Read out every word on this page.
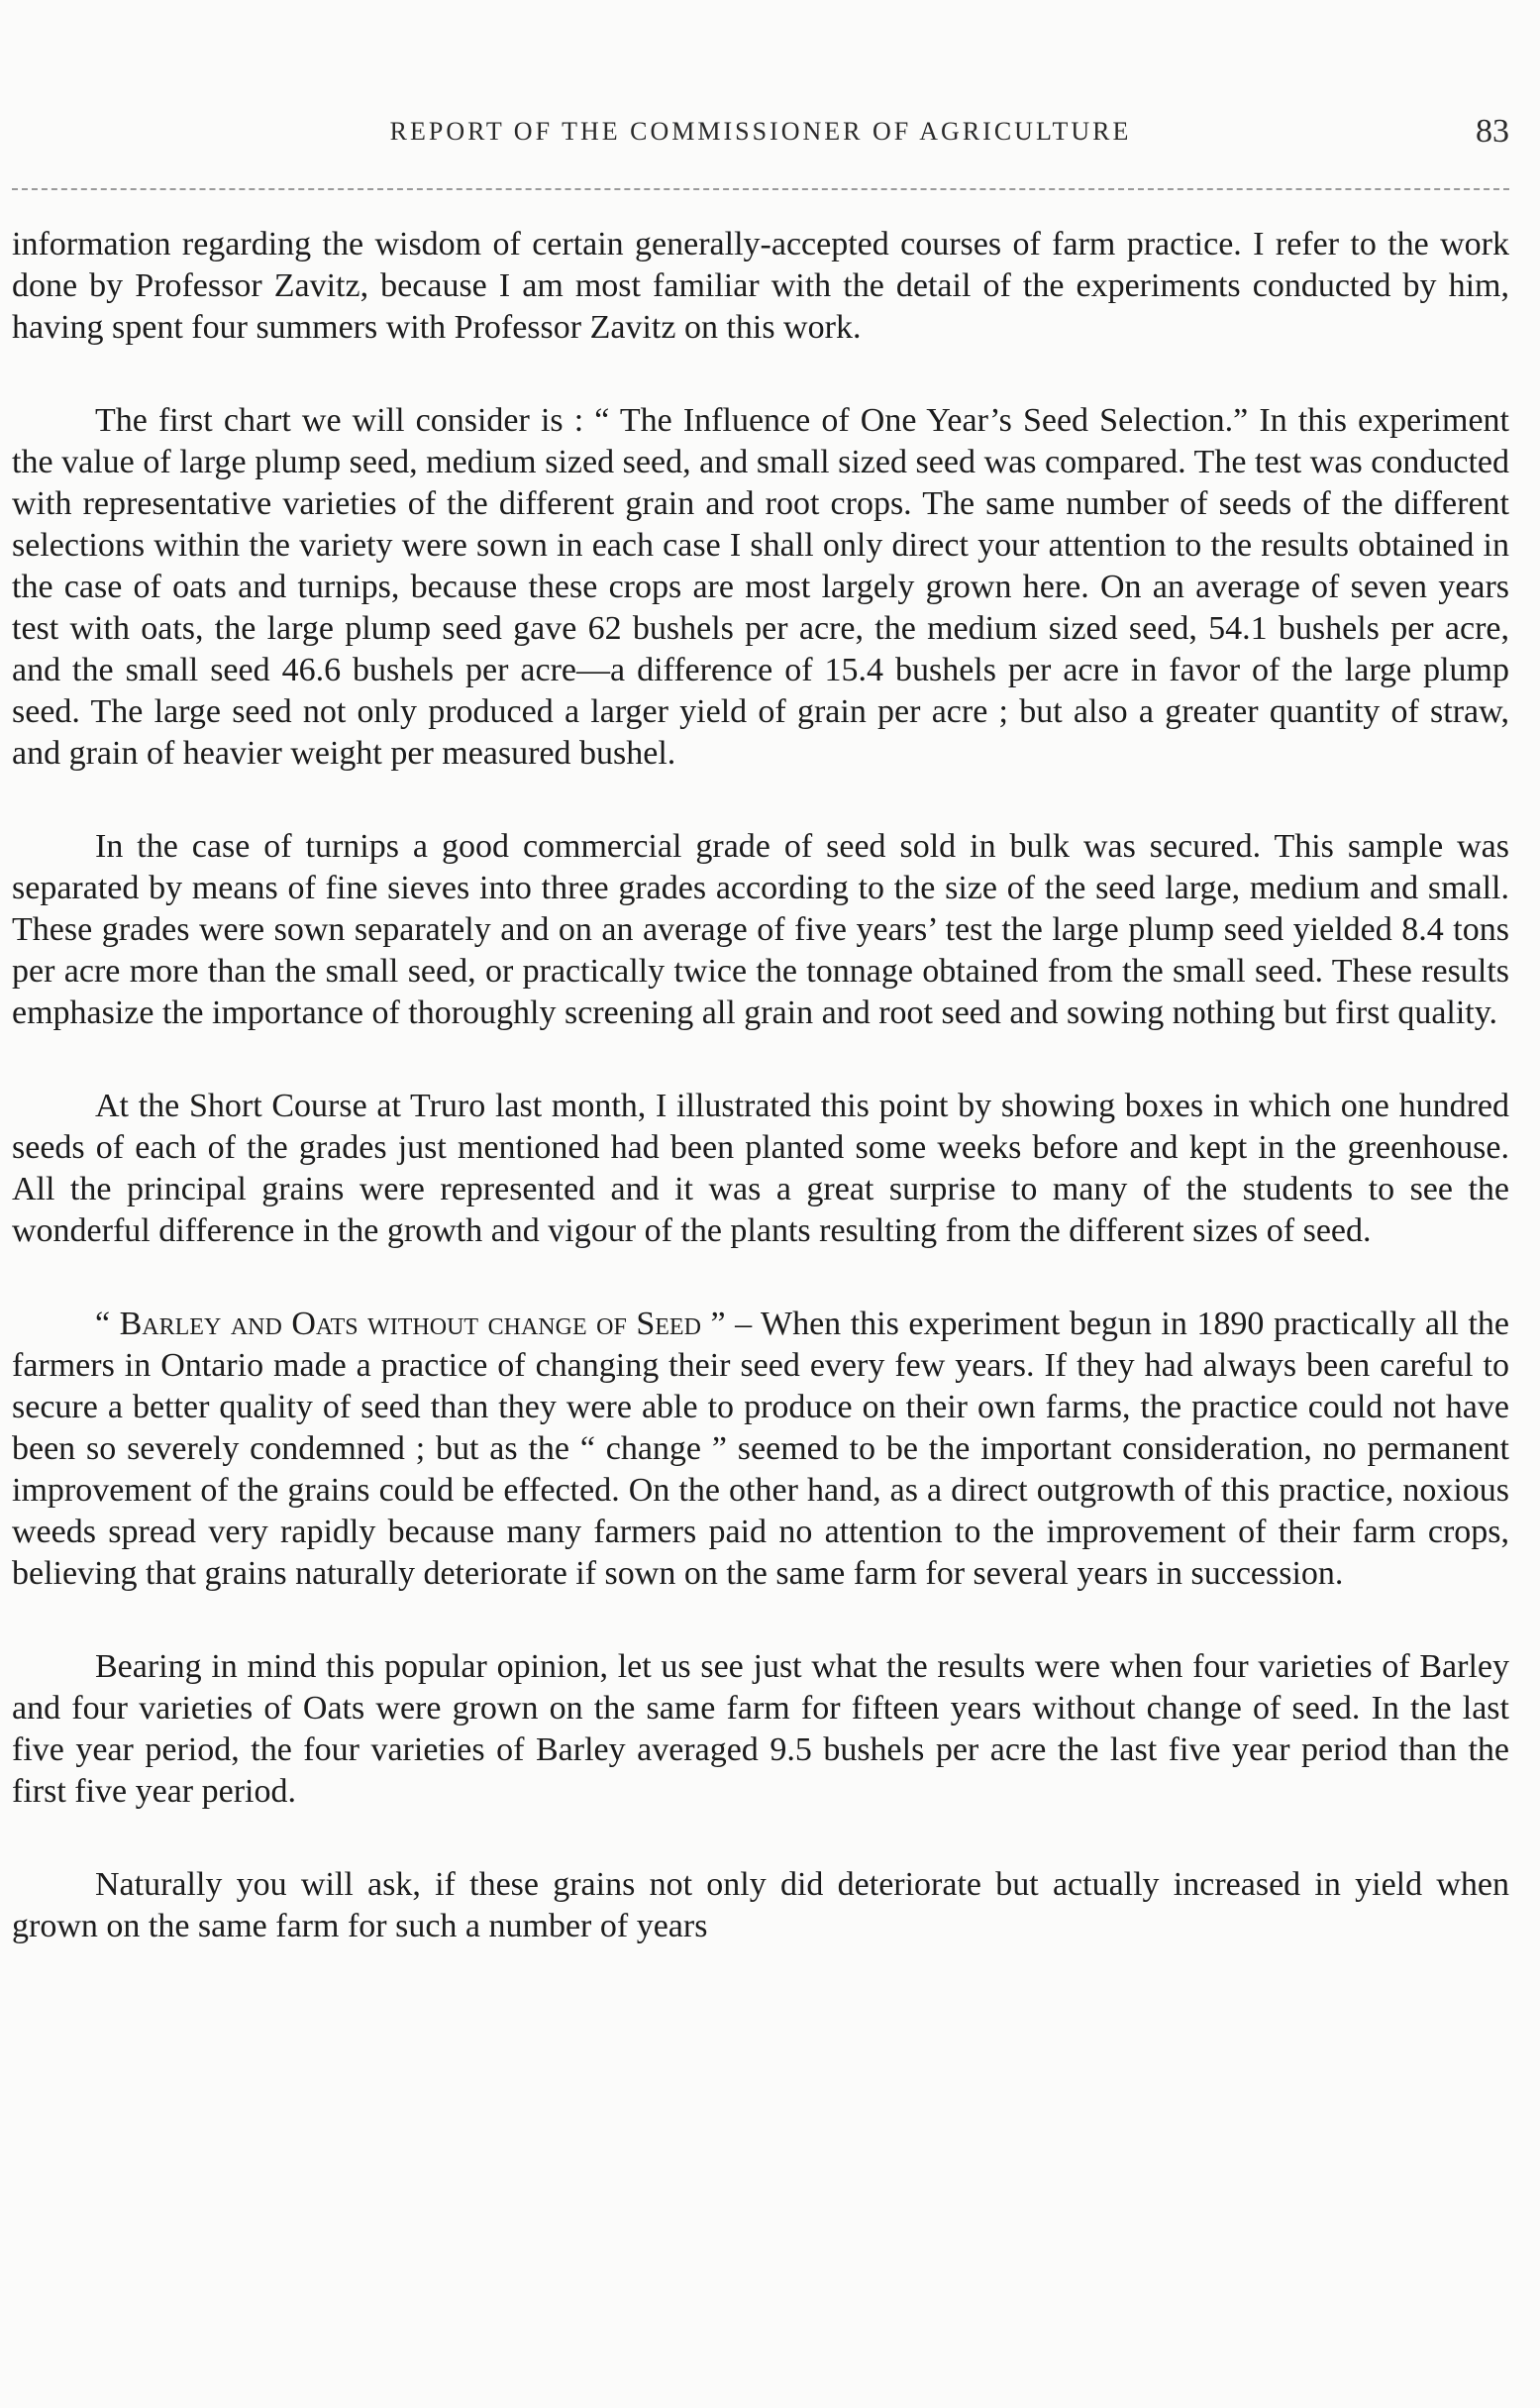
REPORT OF THE COMMISSIONER OF AGRICULTURE	83

information regarding the wisdom of certain generally-accepted courses of farm practice. I refer to the work done by Professor Zavitz, because I am most familiar with the detail of the experiments conducted by him, having spent four summers with Professor Zavitz on this work.

The first chart we will consider is : “ The Influence of One Year’s Seed Selection.” In this experiment the value of large plump seed, medium sized seed, and small sized seed was compared. The test was conducted with representative varieties of the different grain and root crops. The same number of seeds of the different selections within the variety were sown in each case I shall only direct your attention to the results obtained in the case of oats and turnips, because these crops are most largely grown here. On an average of seven years test with oats, the large plump seed gave 62 bushels per acre, the medium sized seed, 54.1 bushels per acre, and the small seed 46.6 bushels per acre—a difference of 15.4 bushels per acre in favor of the large plump seed. The large seed not only produced a larger yield of grain per acre ; but also a greater quantity of straw, and grain of heavier weight per measured bushel.

In the case of turnips a good commercial grade of seed sold in bulk was secured. This sample was separated by means of fine sieves into three grades according to the size of the seed large, medium and small. These grades were sown separately and on an average of five years’ test the large plump seed yielded 8.4 tons per acre more than the small seed, or practically twice the tonnage obtained from the small seed. These results emphasize the importance of thoroughly screening all grain and root seed and sowing nothing but first quality.

At the Short Course at Truro last month, I illustrated this point by showing boxes in which one hundred seeds of each of the grades just mentioned had been planted some weeks before and kept in the greenhouse. All the principal grains were represented and it was a great surprise to many of the students to see the wonderful difference in the growth and vigour of the plants resulting from the different sizes of seed.

“ Barley and Oats without change of Seed ” – When this experiment begun in 1890 practically all the farmers in Ontario made a practice of changing their seed every few years. If they had always been careful to secure a better quality of seed than they were able to produce on their own farms, the practice could not have been so severely condemned ; but as the “ change ” seemed to be the important consideration, no permanent improvement of the grains could be effected. On the other hand, as a direct outgrowth of this practice, noxious weeds spread very rapidly because many farmers paid no attention to the improvement of their farm crops, believing that grains naturally deteriorate if sown on the same farm for several years in succession.

Bearing in mind this popular opinion, let us see just what the results were when four varieties of Barley and four varieties of Oats were grown on the same farm for fifteen years without change of seed. In the last five year period, the four varieties of Barley averaged 9.5 bushels per acre the last five year period than the first five year period.

Naturally you will ask, if these grains not only did deteriorate but actually increased in yield when grown on the same farm for such a number of years
